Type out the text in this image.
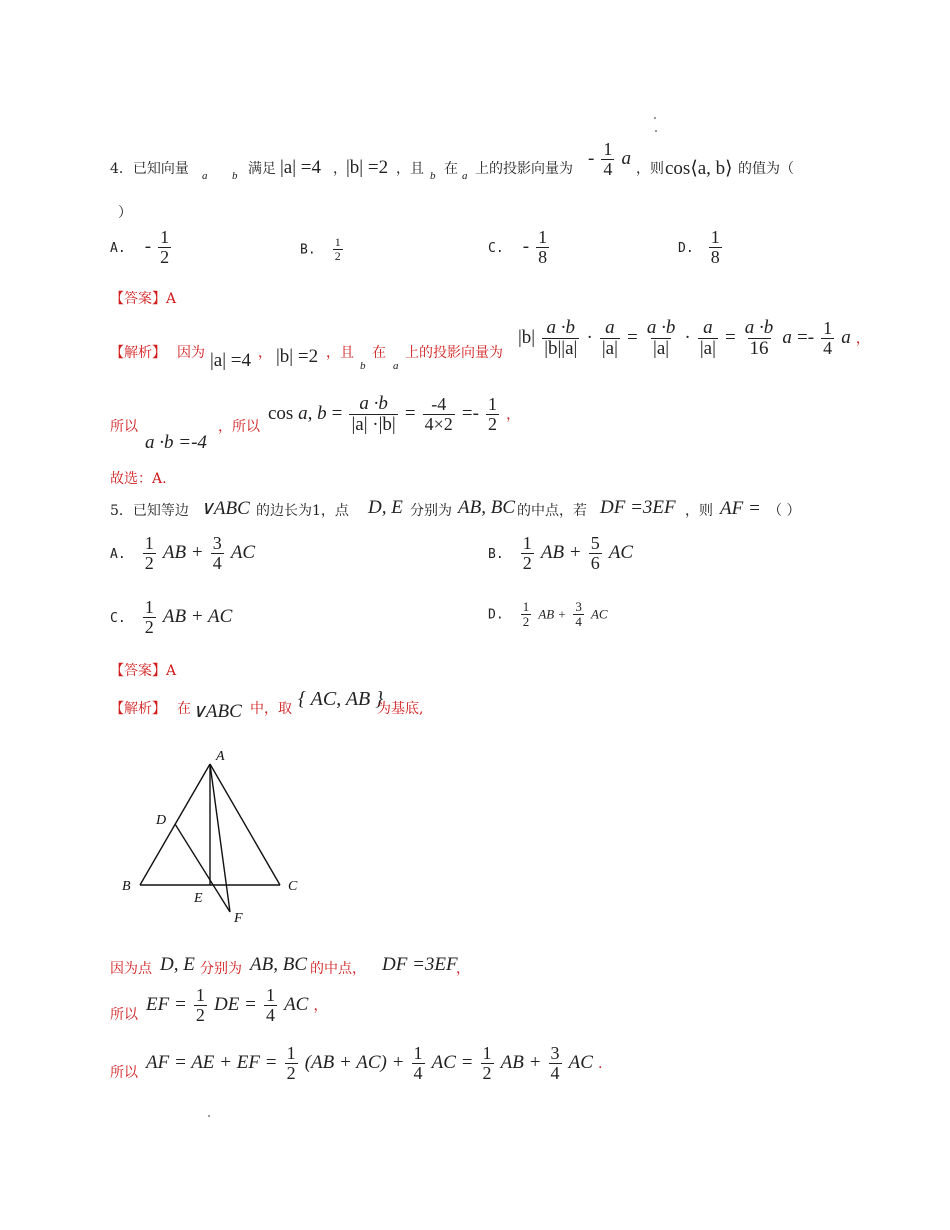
4．已知向量 a b 满足 |a| =4 ， |b| =2 ，且 b 在 a 上的投影向量为
- $\frac{1}{4}$ a
，则 cos⟨a, b⟩ 的值为（
）
A. - $\frac{1}{2}$	B. $\frac{1}{2}$	C. - $\frac{1}{8}$	D. $\frac{1}{8}$
【答案】A
【解析】 因为 |a| =4 ， |b| =2 ，且
b
在
a
上的投影向量为
$|b| \frac{a \cdot b}{|b||a|} \cdot \frac{a}{|a|} = \frac{a \cdot b}{|a|} \cdot \frac{a}{|a|} = \frac{a \cdot b}{16}$ $a =- \frac{1}{4}$ a ，
所以
a ·b =-4
，所以
cos a, $b = \frac{a \cdot b}{|a| \cdot|b|} = \frac{-4}{4\times 2} =- \frac{1}{2}$ ，
故选：A.
5．已知等边 ∨ABC 的边长为1，点 D, E 分别为 AB, BC 的中点，若 DF =3EF ，则 AF = （ ）
A. $\frac{1}{2}$ AB + $\frac{3}{4}$ AC	B. $\frac{1}{2}$ AB + $\frac{5}{6}$ AC
C. $\frac{1}{2}$ AB + AC	D. $\frac{1}{2}$ AB + $\frac{3}{4}$ AC
【答案】A
【解析】 在 ∨ABC 中，取 { AC, AB }
为基底,
A
D
B	C
E
F
因为点 D, E 分别为 AB, BC 的中点， DF =3EF
，
所以
EF = $\frac{1}{2}$ DE = $\frac{1}{4}$ AC ，
所以
AF = AE + EF = $\frac{1}{2} (AB + AC) + \frac{1}{4}$ AC = $\frac{1}{2}$ AB + $\frac{3}{4}$ AC .
